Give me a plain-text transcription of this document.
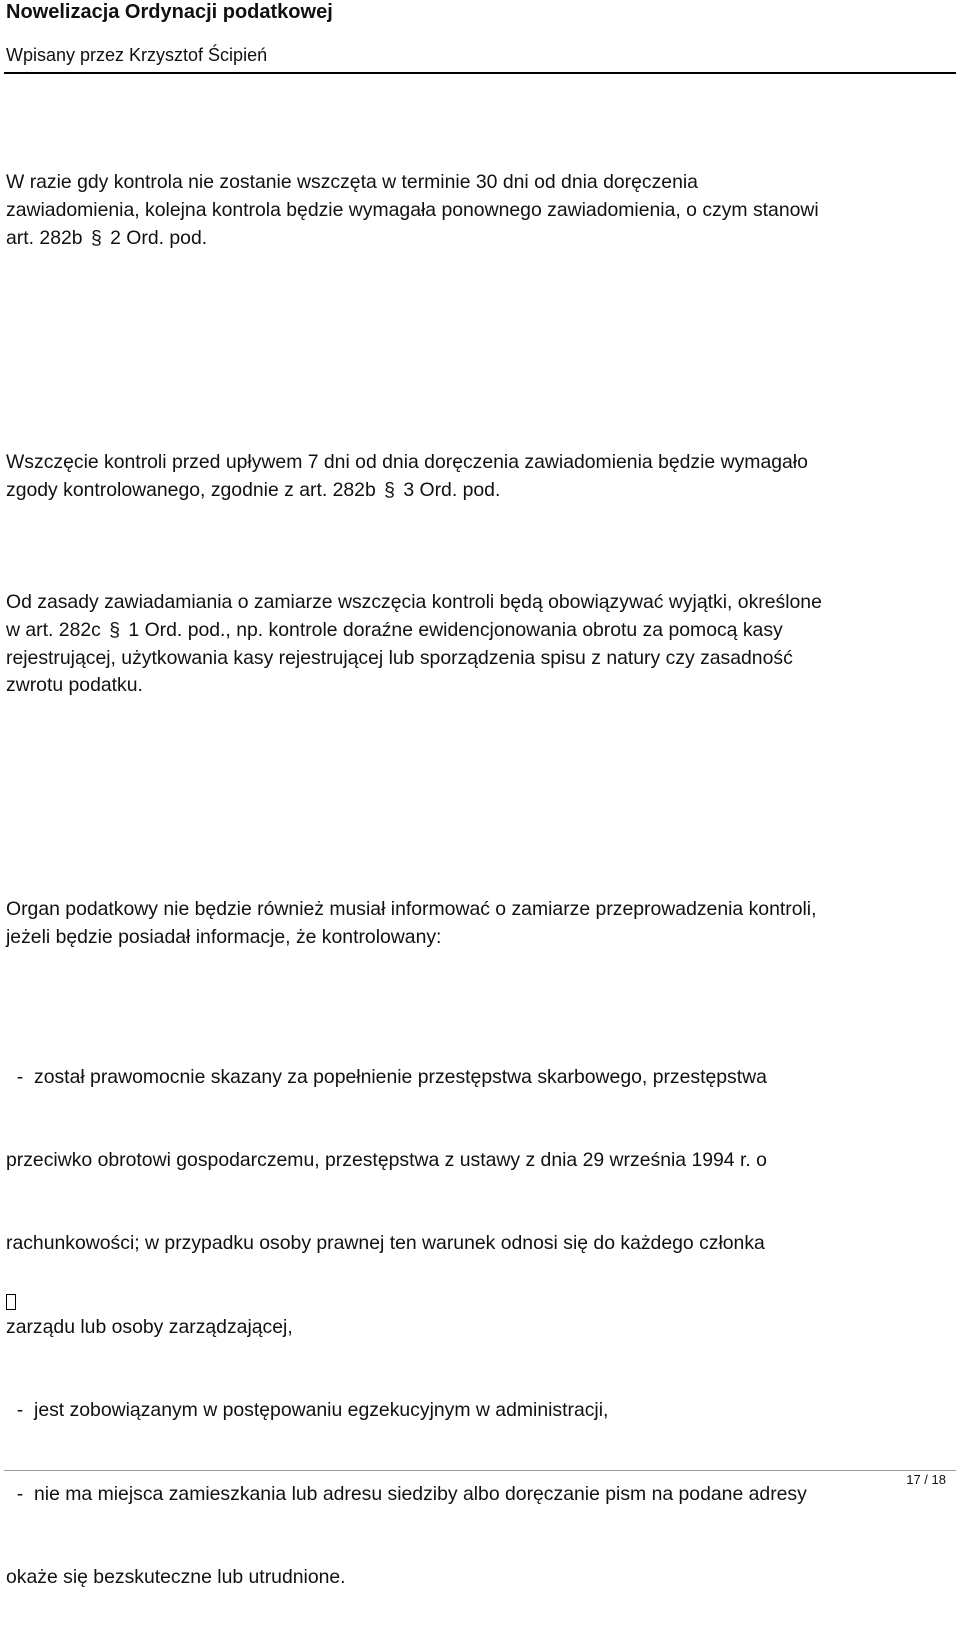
Nowelizacja Ordynacji podatkowej
Wpisany przez Krzysztof Ścipień

W razie gdy kontrola nie zostanie wszczęta w terminie 30 dni od dnia doręczenia
zawiadomienia, kolejna kontrola będzie wymagała ponownego zawiadomienia, o czym stanowi
art. 282b § 2 Ord. pod.

Wszczęcie kontroli przed upływem 7 dni od dnia doręczenia zawiadomienia będzie wymagało
zgody kontrolowanego, zgodnie z art. 282b § 3 Ord. pod.

Od zasady zawiadamiania o zamiarze wszczęcia kontroli będą obowiązywać wyjątki, określone
w art. 282c § 1 Ord. pod., np. kontrole doraźne ewidencjonowania obrotu za pomocą kasy
rejestrującej, użytkowania kasy rejestrującej lub sporządzenia spisu z natury czy zasadność
zwrotu podatku.

Organ podatkowy nie będzie również musiał informować o zamiarze przeprowadzenia kontroli,
jeżeli będzie posiadał informacje, że kontrolowany:

-  został prawomocnie skazany za popełnienie przestępstwa skarbowego, przestępstwa

przeciwko obrotowi gospodarczemu, przestępstwa z ustawy z dnia 29 września 1994 r. o

rachunkowości; w przypadku osoby prawnej ten warunek odnosi się do każdego członka

zarządu lub osoby zarządzającej,

-  jest zobowiązanym w postępowaniu egzekucyjnym w administracji,

-  nie ma miejsca zamieszkania lub adresu siedziby albo doręczanie pism na podane adresy

okaże się bezskuteczne lub utrudnione.

17 / 18
